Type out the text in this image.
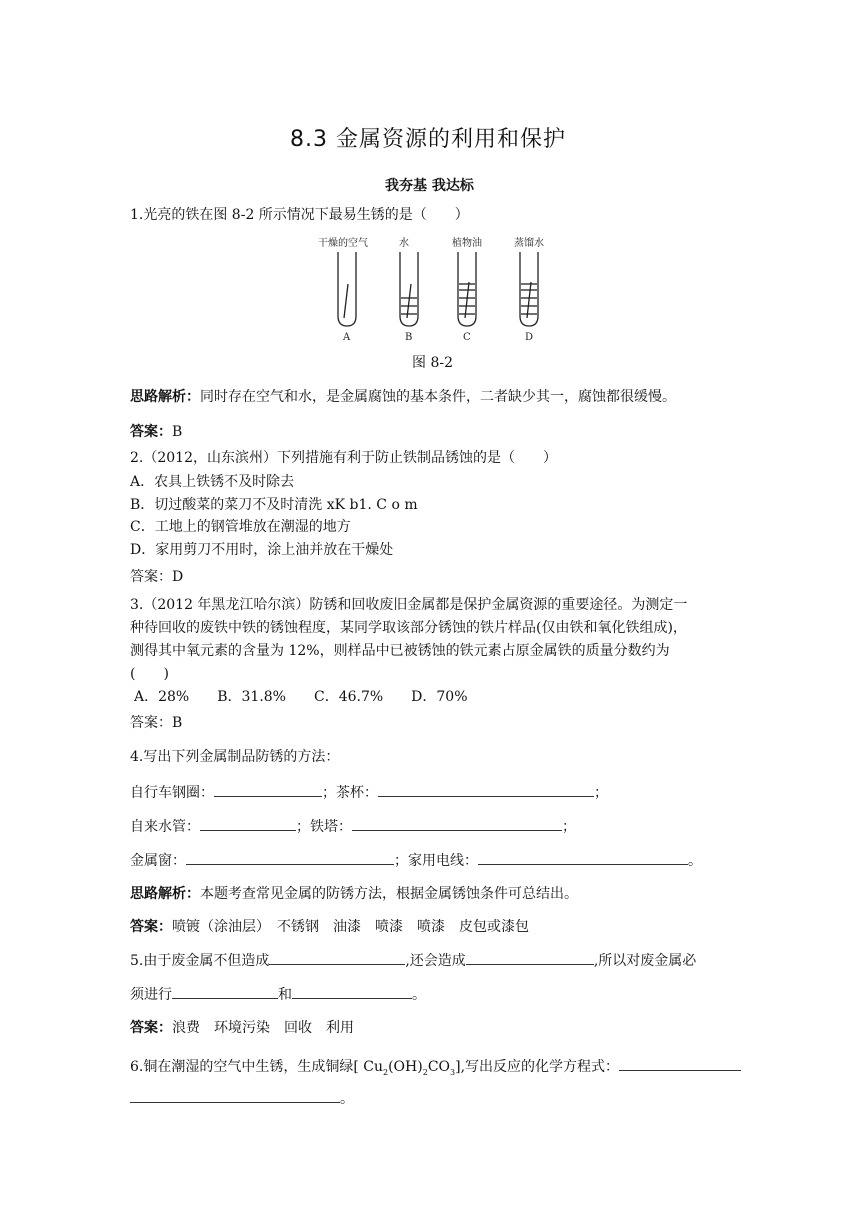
8.3 金属资源的利用和保护
我夯基 我达标
1.光亮的铁在图 8-2 所示情况下最易生锈的是（　　）
干燥的空气	水	植物油	蒸馏水
A	B	C	D
图 8-2
思路解析：同时存在空气和水，是金属腐蚀的基本条件，二者缺少其一，腐蚀都很缓慢。
答案：B
2.（2012，山东滨州）下列措施有利于防止铁制品锈蚀的是（　　）
A．农具上铁锈不及时除去
B．切过酸菜的菜刀不及时清洗 xK b1. C o m
C．工地上的钢管堆放在潮湿的地方
D．家用剪刀不用时，涂上油并放在干燥处
答案：D
3.（2012 年黑龙江哈尔滨）防锈和回收废旧金属都是保护金属资源的重要途径。为测定一
种待回收的废铁中铁的锈蚀程度，某同学取该部分锈蚀的铁片样品(仅由铁和氧化铁组成)，
测得其中氧元素的含量为 12%，则样品中已被锈蚀的铁元素占原金属铁的质量分数约为
(　　)
A．28%　　B．31.8%　　C．46.7%　　D．70%
答案：B
4.写出下列金属制品防锈的方法：
自行车钢圈：	；茶杯：	；
自来水管：	；铁塔：	；
金属窗：	；家用电线：	。
思路解析：本题考查常见金属的防锈方法，根据金属锈蚀条件可总结出。
答案：喷镀（涂油层）　不锈钢　油漆　喷漆　喷漆　皮包或漆包
5.由于废金属不但造成	,还会造成	,所以对废金属必
须进行	和	。
答案：浪费　环境污染　回收　利用
6.铜在潮湿的空气中生锈，生成铜绿[ $Cu_2(OH)_2CO_3$],写出反应的化学方程式：
。
